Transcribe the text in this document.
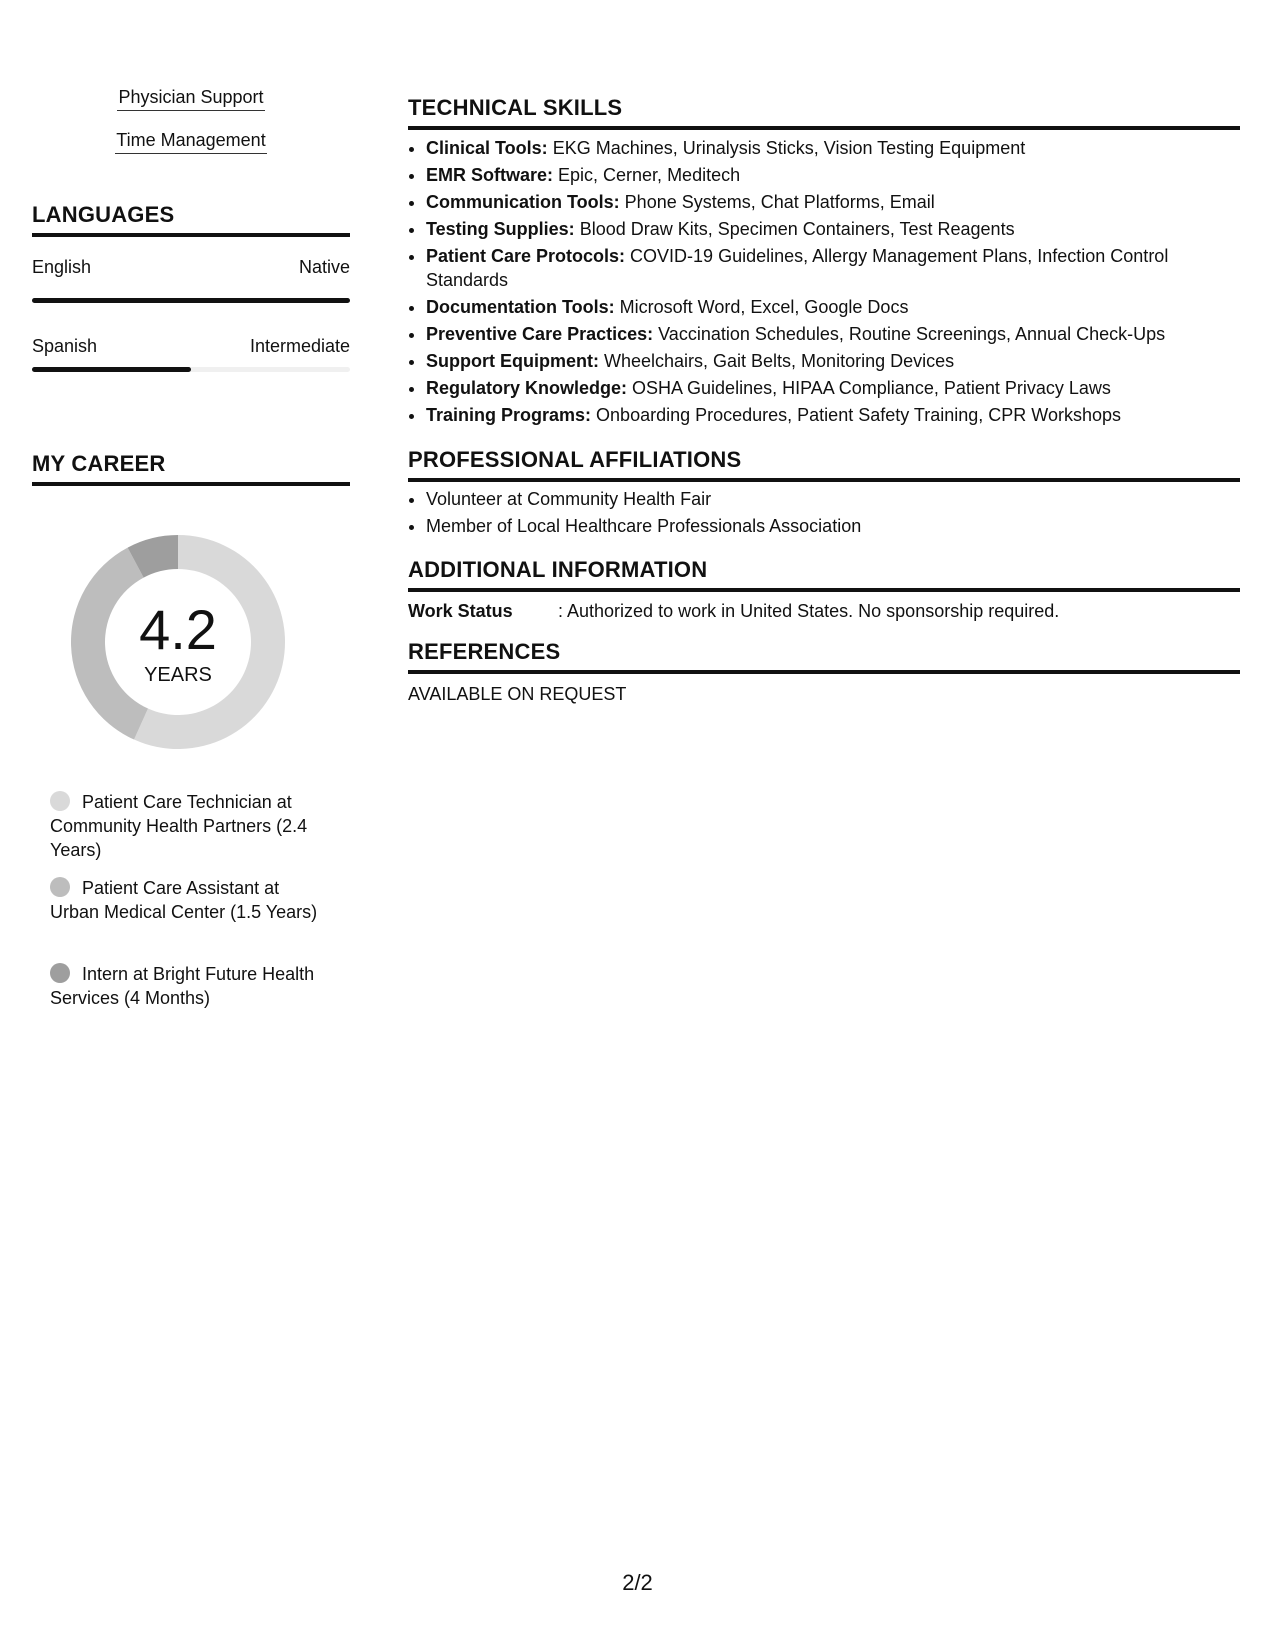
Physician Support
Time Management
LANGUAGES
English	Native
Spanish	Intermediate
MY CAREER
4.2
YEARS
Patient Care Technician at Community Health Partners (2.4 Years)
Patient Care Assistant at Urban Medical Center (1.5 Years)
Intern at Bright Future Health Services (4 Months)
TECHNICAL SKILLS
• Clinical Tools: EKG Machines, Urinalysis Sticks, Vision Testing Equipment
• EMR Software: Epic, Cerner, Meditech
• Communication Tools: Phone Systems, Chat Platforms, Email
• Testing Supplies: Blood Draw Kits, Specimen Containers, Test Reagents
• Patient Care Protocols: COVID-19 Guidelines, Allergy Management Plans, Infection Control Standards
• Documentation Tools: Microsoft Word, Excel, Google Docs
• Preventive Care Practices: Vaccination Schedules, Routine Screenings, Annual Check-Ups
• Support Equipment: Wheelchairs, Gait Belts, Monitoring Devices
• Regulatory Knowledge: OSHA Guidelines, HIPAA Compliance, Patient Privacy Laws
• Training Programs: Onboarding Procedures, Patient Safety Training, CPR Workshops
PROFESSIONAL AFFILIATIONS
• Volunteer at Community Health Fair
• Member of Local Healthcare Professionals Association
ADDITIONAL INFORMATION
Work Status	: Authorized to work in United States. No sponsorship required.
REFERENCES
AVAILABLE ON REQUEST
2/2
